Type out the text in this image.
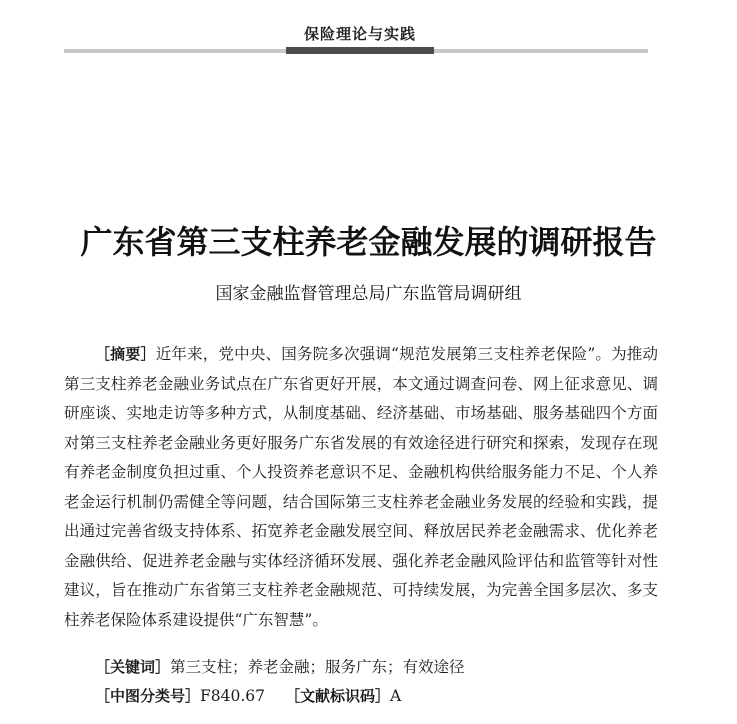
保险理论与实践
广东省第三支柱养老金融发展的调研报告
国家金融监督管理总局广东监管局调研组

［摘要］近年来，党中央、国务院多次强调“规范发展第三支柱养老保险”。为推动第三支柱养老金融业务试点在广东省更好开展，本文通过调查问卷、网上征求意见、调研座谈、实地走访等多种方式，从制度基础、经济基础、市场基础、服务基础四个方面对第三支柱养老金融业务更好服务广东省发展的有效途径进行研究和探索，发现存在现有养老金制度负担过重、个人投资养老意识不足、金融机构供给服务能力不足、个人养老金运行机制仍需健全等问题，结合国际第三支柱养老金融业务发展的经验和实践，提出通过完善省级支持体系、拓宽养老金融发展空间、释放居民养老金融需求、优化养老金融供给、促进养老金融与实体经济循环发展、强化养老金融风险评估和监管等针对性建议，旨在推动广东省第三支柱养老金融规范、可持续发展，为完善全国多层次、多支柱养老保险体系建设提供“广东智慧”。

［关键词］第三支柱；养老金融；服务广东；有效途径
［中图分类号］F840.67 ［文献标识码］A
